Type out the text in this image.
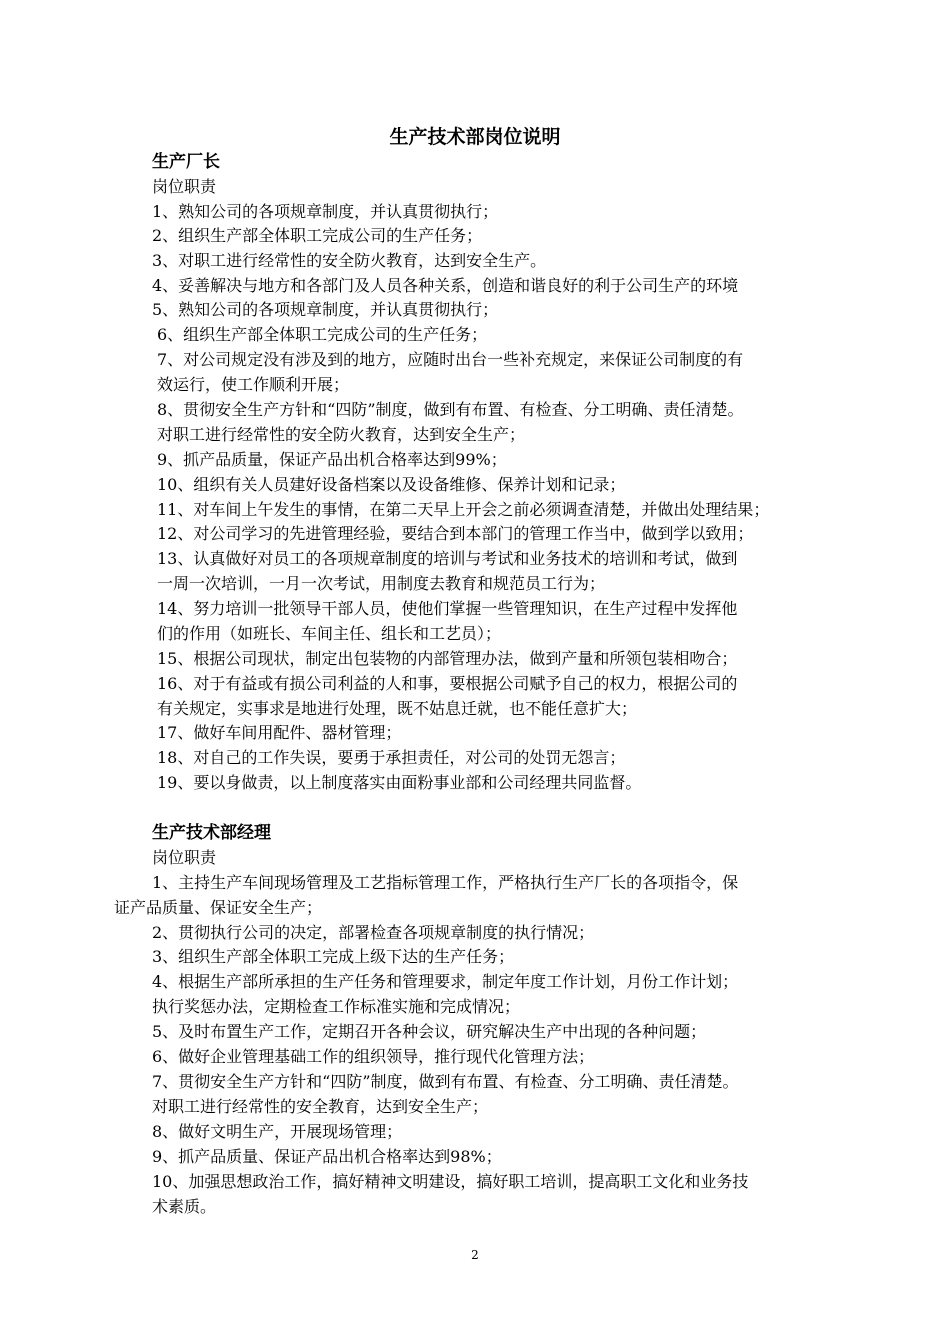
生产技术部岗位说明
生产厂长
岗位职责
1、熟知公司的各项规章制度，并认真贯彻执行；
2、组织生产部全体职工完成公司的生产任务；
3、对职工进行经常性的安全防火教育，达到安全生产。
4、妥善解决与地方和各部门及人员各种关系，创造和谐良好的利于公司生产的环境
5、熟知公司的各项规章制度，并认真贯彻执行；
6、组织生产部全体职工完成公司的生产任务；
7、对公司规定没有涉及到的地方，应随时出台一些补充规定，来保证公司制度的有
效运行，使工作顺利开展；
8、贯彻安全生产方针和“四防”制度，做到有布置、有检查、分工明确、责任清楚。
对职工进行经常性的安全防火教育，达到安全生产；
9、抓产品质量，保证产品出机合格率达到99%；
10、组织有关人员建好设备档案以及设备维修、保养计划和记录；
11、对车间上午发生的事情，在第二天早上开会之前必须调查清楚，并做出处理结果；
12、对公司学习的先进管理经验，要结合到本部门的管理工作当中，做到学以致用；
13、认真做好对员工的各项规章制度的培训与考试和业务技术的培训和考试，做到
一周一次培训，一月一次考试，用制度去教育和规范员工行为；
14、努力培训一批领导干部人员，使他们掌握一些管理知识，在生产过程中发挥他
们的作用（如班长、车间主任、组长和工艺员）；
15、根据公司现状，制定出包装物的内部管理办法，做到产量和所领包装相吻合；
16、对于有益或有损公司利益的人和事，要根据公司赋予自己的权力，根据公司的
有关规定，实事求是地进行处理，既不姑息迁就，也不能任意扩大；
17、做好车间用配件、器材管理；
18、对自己的工作失误，要勇于承担责任，对公司的处罚无怨言；
19、要以身做责，以上制度落实由面粉事业部和公司经理共同监督。
生产技术部经理
岗位职责
1、主持生产车间现场管理及工艺指标管理工作，严格执行生产厂长的各项指令，保
证产品质量、保证安全生产；
2、贯彻执行公司的决定，部署检查各项规章制度的执行情况；
3、组织生产部全体职工完成上级下达的生产任务；
4、根据生产部所承担的生产任务和管理要求，制定年度工作计划，月份工作计划；
执行奖惩办法，定期检查工作标准实施和完成情况；
5、及时布置生产工作，定期召开各种会议，研究解决生产中出现的各种问题；
6、做好企业管理基础工作的组织领导，推行现代化管理方法；
7、贯彻安全生产方针和“四防”制度，做到有布置、有检查、分工明确、责任清楚。
对职工进行经常性的安全教育，达到安全生产；
8、做好文明生产，开展现场管理；
9、抓产品质量、保证产品出机合格率达到98%；
10、加强思想政治工作，搞好精神文明建设，搞好职工培训，提高职工文化和业务技
术素质。
2
